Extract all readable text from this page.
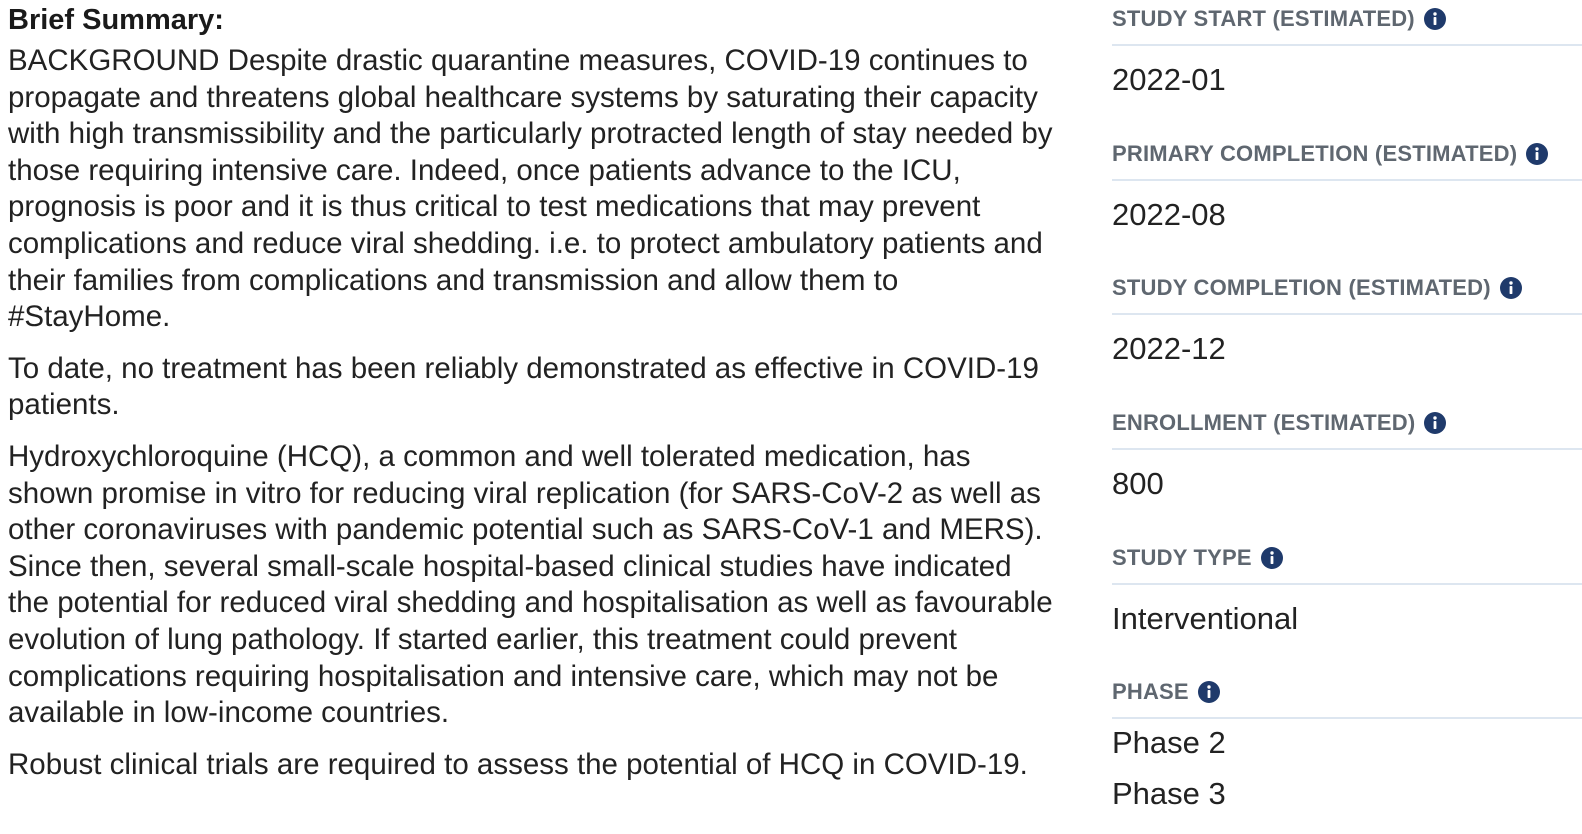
Brief Summary:

BACKGROUND Despite drastic quarantine measures, COVID-19 continues to propagate and threatens global healthcare systems by saturating their capacity with high transmissibility and the particularly protracted length of stay needed by those requiring intensive care. Indeed, once patients advance to the ICU, prognosis is poor and it is thus critical to test medications that may prevent complications and reduce viral shedding. i.e. to protect ambulatory patients and their families from complications and transmission and allow them to #StayHome.

To date, no treatment has been reliably demonstrated as effective in COVID-19 patients.

Hydroxychloroquine (HCQ), a common and well tolerated medication, has shown promise in vitro for reducing viral replication (for SARS-CoV-2 as well as other coronaviruses with pandemic potential such as SARS-CoV-1 and MERS). Since then, several small-scale hospital-based clinical studies have indicated the potential for reduced viral shedding and hospitalisation as well as favourable evolution of lung pathology. If started earlier, this treatment could prevent complications requiring hospitalisation and intensive care, which may not be available in low-income countries.

Robust clinical trials are required to assess the potential of HCQ in COVID-19.

STUDY START (ESTIMATED)
2022-01
PRIMARY COMPLETION (ESTIMATED)
2022-08
STUDY COMPLETION (ESTIMATED)
2022-12
ENROLLMENT (ESTIMATED)
800
STUDY TYPE
Interventional
PHASE
Phase 2
Phase 3
